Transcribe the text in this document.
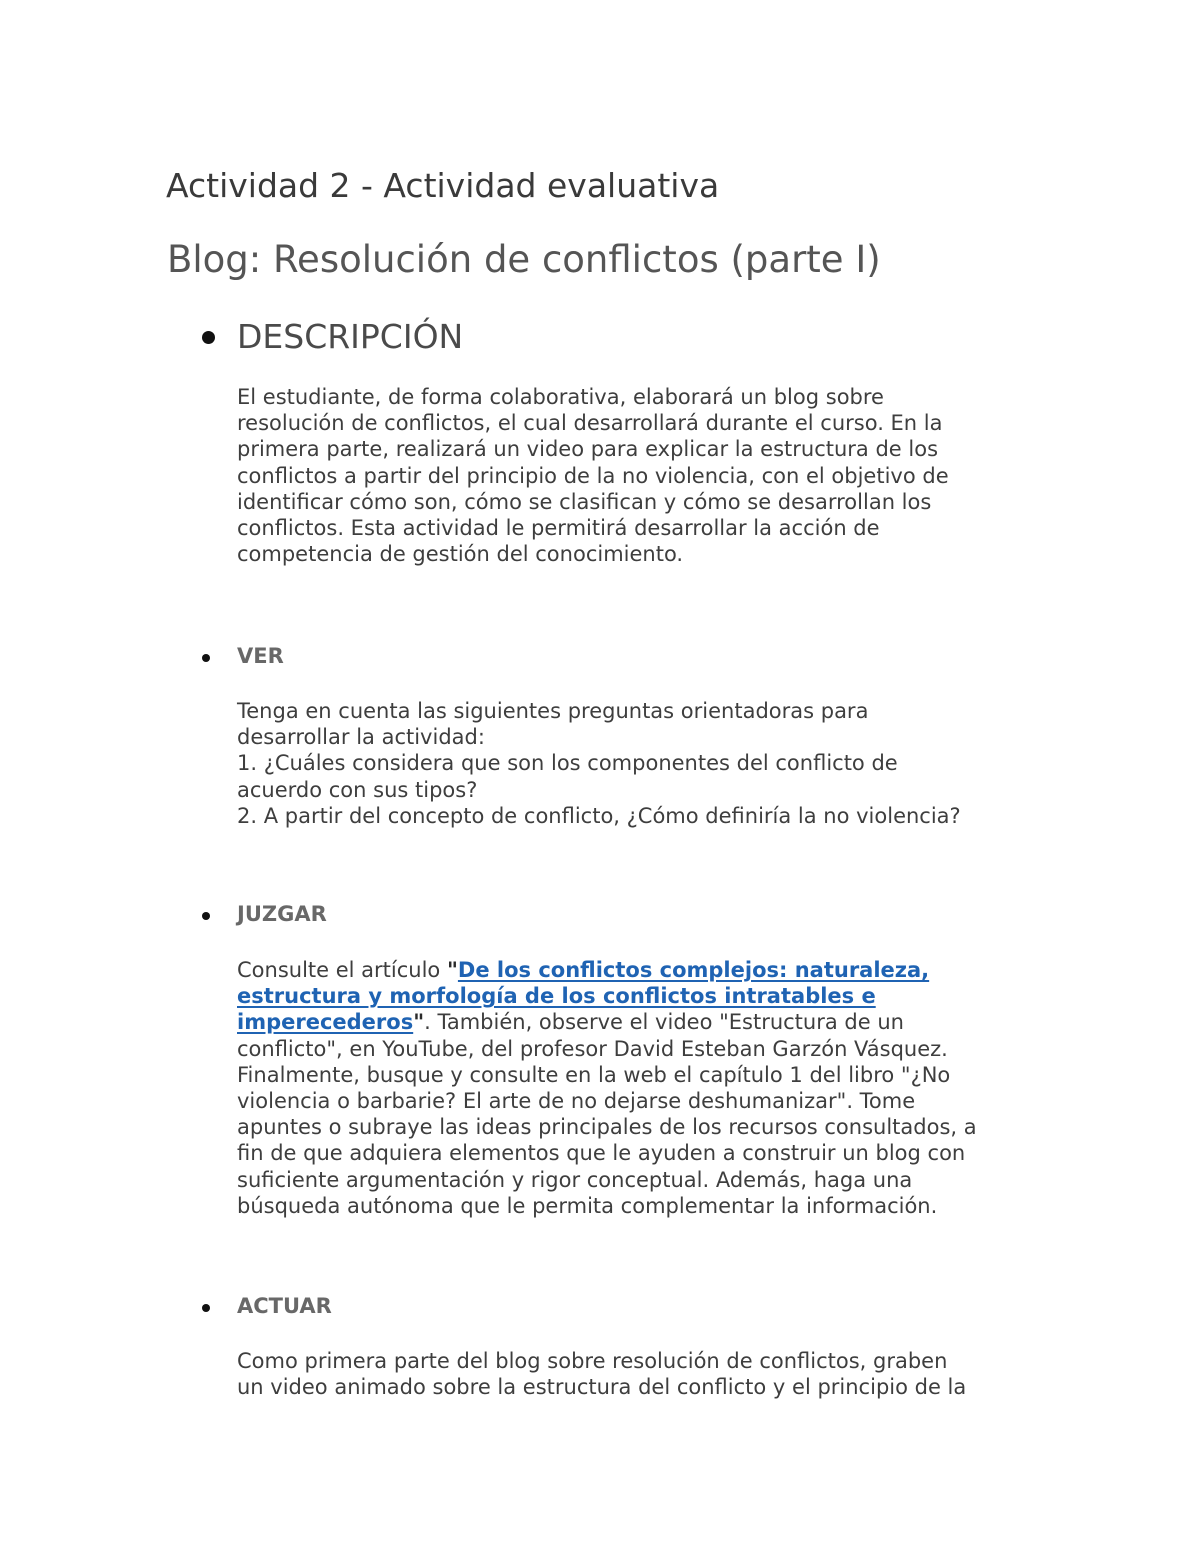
Actividad 2 - Actividad evaluativa
Blog: Resolución de conflictos (parte I)
DESCRIPCIÓN
El estudiante, de forma colaborativa, elaborará un blog sobre
resolución de conflictos, el cual desarrollará durante el curso. En la
primera parte, realizará un video para explicar la estructura de los
conflictos a partir del principio de la no violencia, con el objetivo de
identificar cómo son, cómo se clasifican y cómo se desarrollan los
conflictos. Esta actividad le permitirá desarrollar la acción de
competencia de gestión del conocimiento.
VER
Tenga en cuenta las siguientes preguntas orientadoras para
desarrollar la actividad:
1. ¿Cuáles considera que son los componentes del conflicto de
acuerdo con sus tipos?
2. A partir del concepto de conflicto, ¿Cómo definiría la no violencia?
JUZGAR
Consulte el artículo "De los conflictos complejos: naturaleza,
estructura y morfología de los conflictos intratables e
imperecederos". También, observe el video "Estructura de un
conflicto", en YouTube, del profesor David Esteban Garzón Vásquez.
Finalmente, busque y consulte en la web el capítulo 1 del libro "¿No
violencia o barbarie? El arte de no dejarse deshumanizar". Tome
apuntes o subraye las ideas principales de los recursos consultados, a
fin de que adquiera elementos que le ayuden a construir un blog con
suficiente argumentación y rigor conceptual. Además, haga una
búsqueda autónoma que le permita complementar la información.
ACTUAR
Como primera parte del blog sobre resolución de conflictos, graben
un video animado sobre la estructura del conflicto y el principio de la
